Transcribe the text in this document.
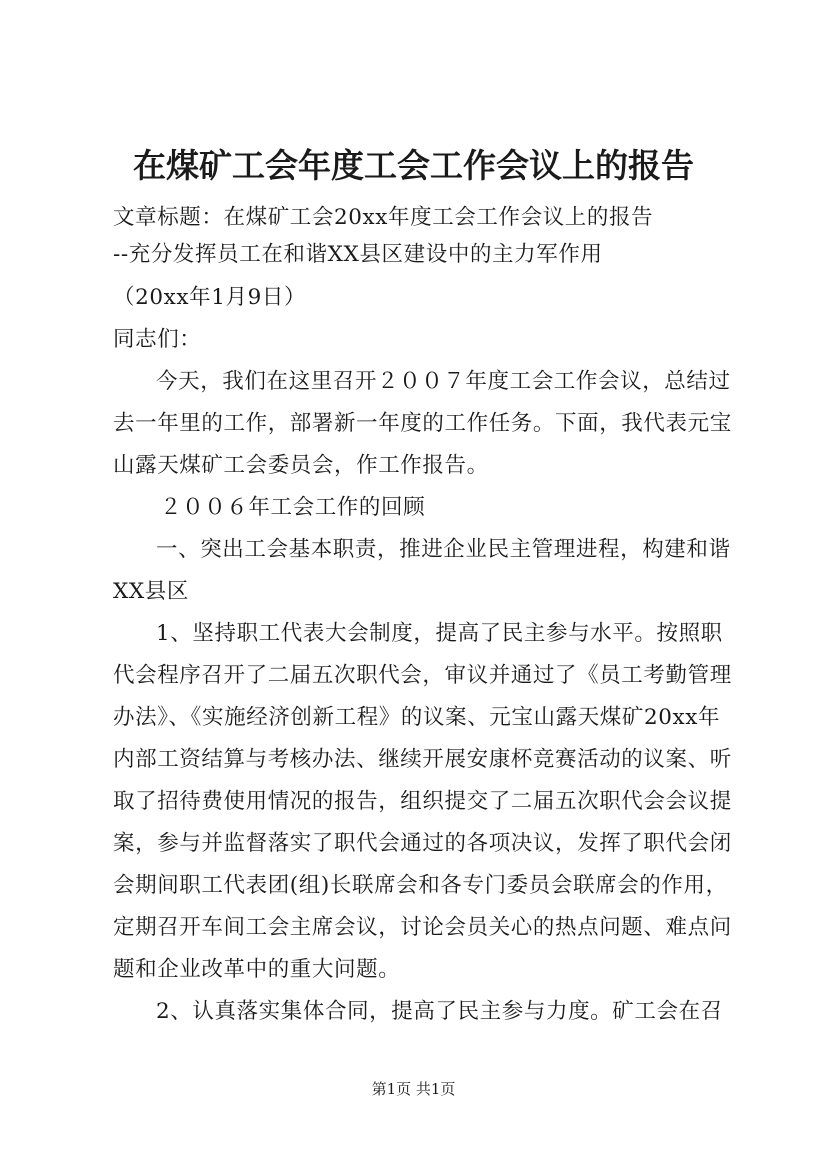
在煤矿工会年度工会工作会议上的报告
文章标题：在煤矿工会20xx年度工会工作会议上的报告
--充分发挥员工在和谐XX县区建设中的主力军作用
（20xx年1月9日）
同志们：
今天，我们在这里召开２００７年度工会工作会议，总结过
去一年里的工作，部署新一年度的工作任务。下面，我代表元宝
山露天煤矿工会委员会，作工作报告。
２００６年工会工作的回顾
一、突出工会基本职责，推进企业民主管理进程，构建和谐
XX县区
1、坚持职工代表大会制度，提高了民主参与水平。按照职
代会程序召开了二届五次职代会，审议并通过了《员工考勤管理
办法》、《实施经济创新工程》的议案、元宝山露天煤矿20xx年
内部工资结算与考核办法、继续开展安康杯竞赛活动的议案、听
取了招待费使用情况的报告，组织提交了二届五次职代会会议提
案，参与并监督落实了职代会通过的各项决议，发挥了职代会闭
会期间职工代表团(组)长联席会和各专门委员会联席会的作用，
定期召开车间工会主席会议，讨论会员关心的热点问题、难点问
题和企业改革中的重大问题。
2、认真落实集体合同，提高了民主参与力度。矿工会在召
第1页 共1页
